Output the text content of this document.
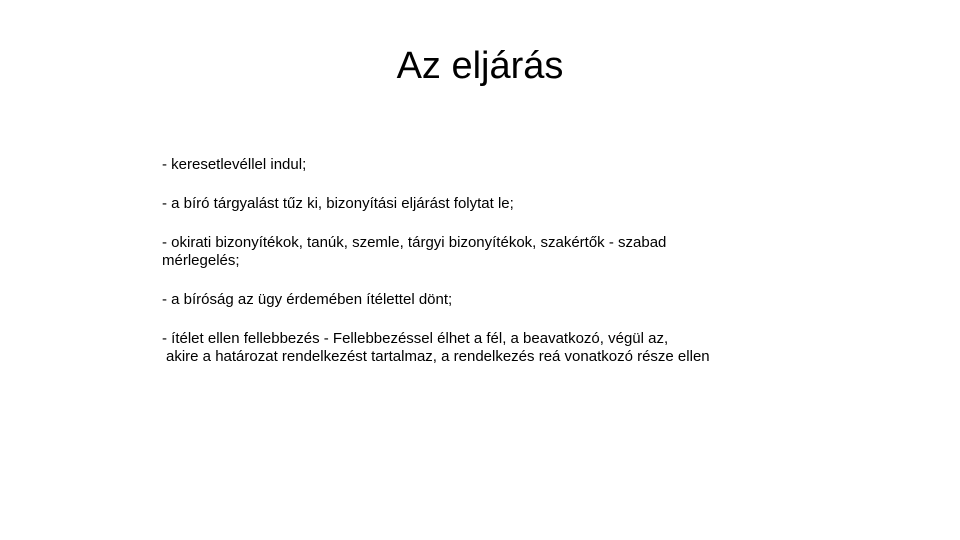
Az eljárás

- keresetlevéllel indul;

- a bíró tárgyalást tűz ki, bizonyítási eljárást folytat le;

- okirati bizonyítékok, tanúk, szemle, tárgyi bizonyítékok, szakértők - szabad
mérlegelés;

- a bíróság az ügy érdemében ítélettel dönt;

- ítélet ellen fellebbezés - Fellebbezéssel élhet a fél, a beavatkozó, végül az,
akire a határozat rendelkezést tartalmaz, a rendelkezés reá vonatkozó része ellen
